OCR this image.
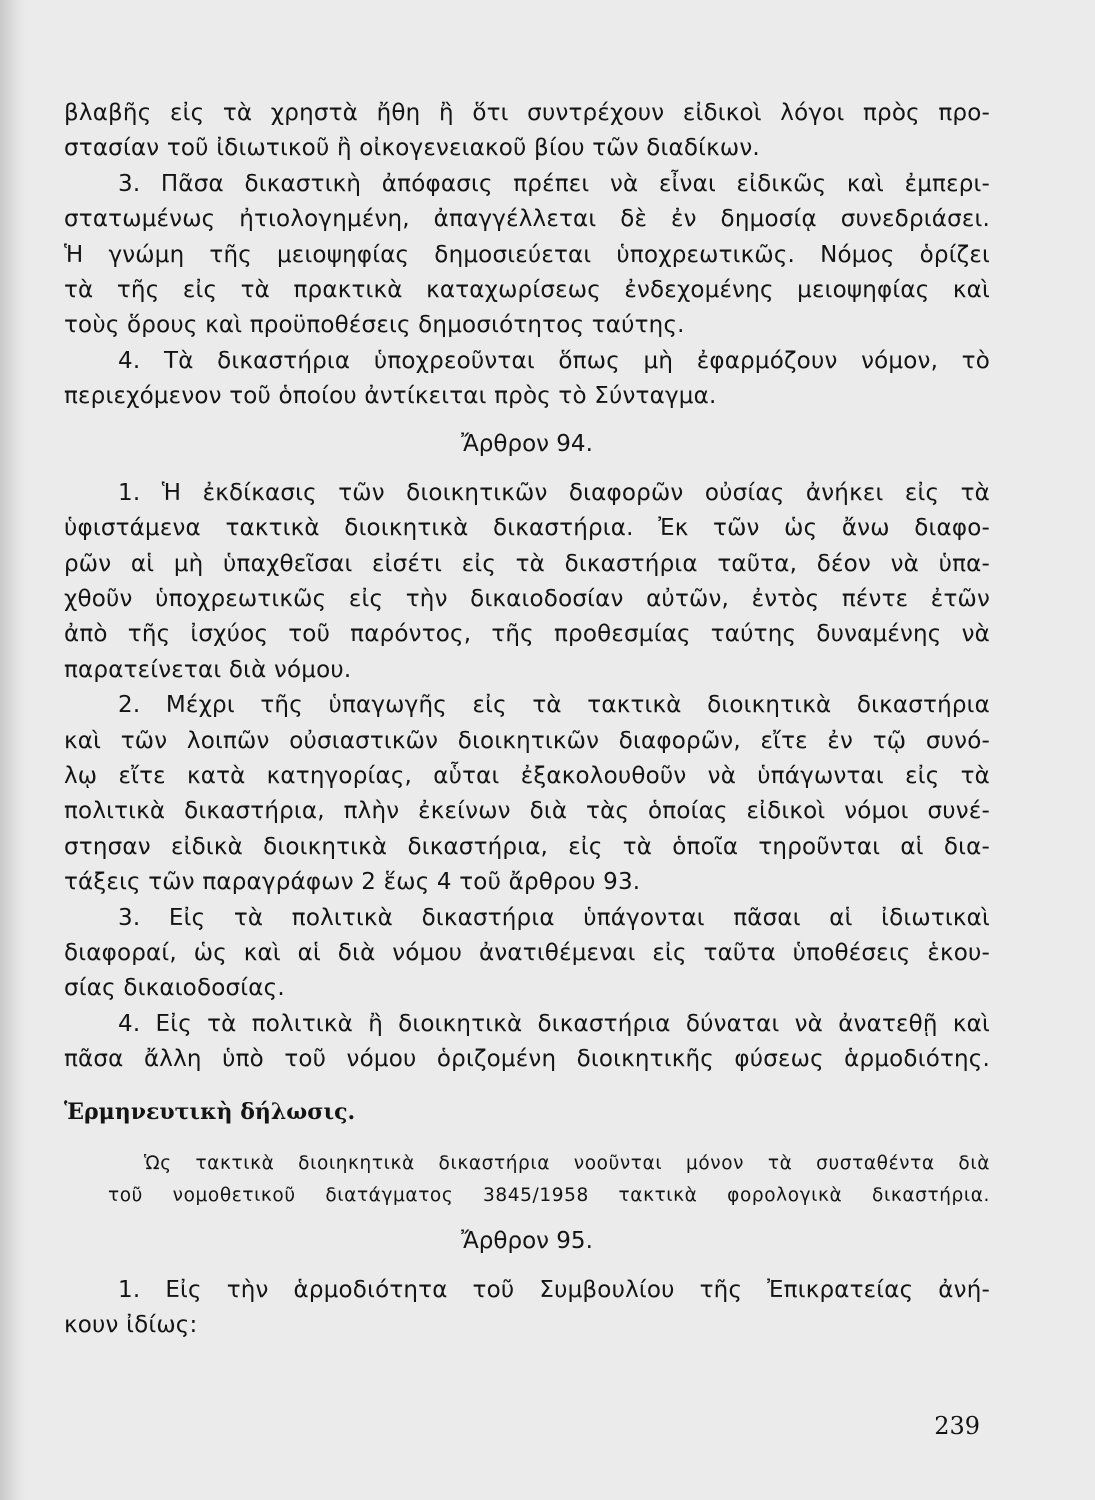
βλαβῆς εἰς τὰ χρηστὰ ἤθη ἢ ὅτι συντρέχουν εἰδικοὶ λόγοι πρὸς προ-
στασίαν τοῦ ἰδιωτικοῦ ἢ οἰκογενειακοῦ βίου τῶν διαδίκων.
3. Πᾶσα δικαστικὴ ἀπόφασις πρέπει νὰ εἶναι εἰδικῶς καὶ ἐμπερι-
στατωμένως ἠτιολογημένη, ἀπαγγέλλεται δὲ ἐν δημοσίᾳ συνεδριάσει.
Ἡ γνώμη τῆς μειοψηφίας δημοσιεύεται ὑποχρεωτικῶς. Νόμος ὁρίζει
τὰ τῆς εἰς τὰ πρακτικὰ καταχωρίσεως ἐνδεχομένης μειοψηφίας καὶ
τοὺς ὅρους καὶ προϋποθέσεις δημοσιότητος ταύτης.
4. Τὰ δικαστήρια ὑποχρεοῦνται ὅπως μὴ ἐφαρμόζουν νόμον, τὸ
περιεχόμενον τοῦ ὁποίου ἀντίκειται πρὸς τὸ Σύνταγμα.
Ἄρθρον 94.
1. Ἡ ἐκδίκασις τῶν διοικητικῶν διαφορῶν οὐσίας ἀνήκει εἰς τὰ
ὑφιστάμενα τακτικὰ διοικητικὰ δικαστήρια. Ἐκ τῶν ὡς ἄνω διαφο-
ρῶν αἱ μὴ ὑπαχθεῖσαι εἰσέτι εἰς τὰ δικαστήρια ταῦτα, δέον νὰ ὑπα-
χθοῦν ὑποχρεωτικῶς εἰς τὴν δικαιοδοσίαν αὐτῶν, ἐντὸς πέντε ἐτῶν
ἀπὸ τῆς ἰσχύος τοῦ παρόντος, τῆς προθεσμίας ταύτης δυναμένης νὰ
παρατείνεται διὰ νόμου.
2. Μέχρι τῆς ὑπαγωγῆς εἰς τὰ τακτικὰ διοικητικὰ δικαστήρια
καὶ τῶν λοιπῶν οὐσιαστικῶν διοικητικῶν διαφορῶν, εἴτε ἐν τῷ συνό-
λῳ εἴτε κατὰ κατηγορίας, αὗται ἐξακολουθοῦν νὰ ὑπάγωνται εἰς τὰ
πολιτικὰ δικαστήρια, πλὴν ἐκείνων διὰ τὰς ὁποίας εἰδικοὶ νόμοι συνέ-
στησαν εἰδικὰ διοικητικὰ δικαστήρια, εἰς τὰ ὁποῖα τηροῦνται αἱ δια-
τάξεις τῶν παραγράφων 2 ἕως 4 τοῦ ἄρθρου 93.
3. Εἰς τὰ πολιτικὰ δικαστήρια ὑπάγονται πᾶσαι αἱ ἰδιωτικαὶ
διαφοραί, ὡς καὶ αἱ διὰ νόμου ἀνατιθέμεναι εἰς ταῦτα ὑποθέσεις ἑκου-
σίας δικαιοδοσίας.
4. Εἰς τὰ πολιτικὰ ἢ διοικητικὰ δικαστήρια δύναται νὰ ἀνατεθῇ καὶ
πᾶσα ἄλλη ὑπὸ τοῦ νόμου ὁριζομένη διοικητικῆς φύσεως ἁρμοδιότης.
Ἑρμηνευτικὴ δήλωσις.
Ὡς τακτικὰ διοιηκητικὰ δικαστήρια νοοῦνται μόνον τὰ συσταθέντα διὰ
τοῦ νομοθετικοῦ διατάγματος 3845/1958 τακτικὰ φορολογικὰ δικαστήρια.
Ἄρθρον 95.
1. Εἰς τὴν ἁρμοδιότητα τοῦ Συμβουλίου τῆς Ἐπικρατείας ἀνή-
κουν ἰδίως:
239
